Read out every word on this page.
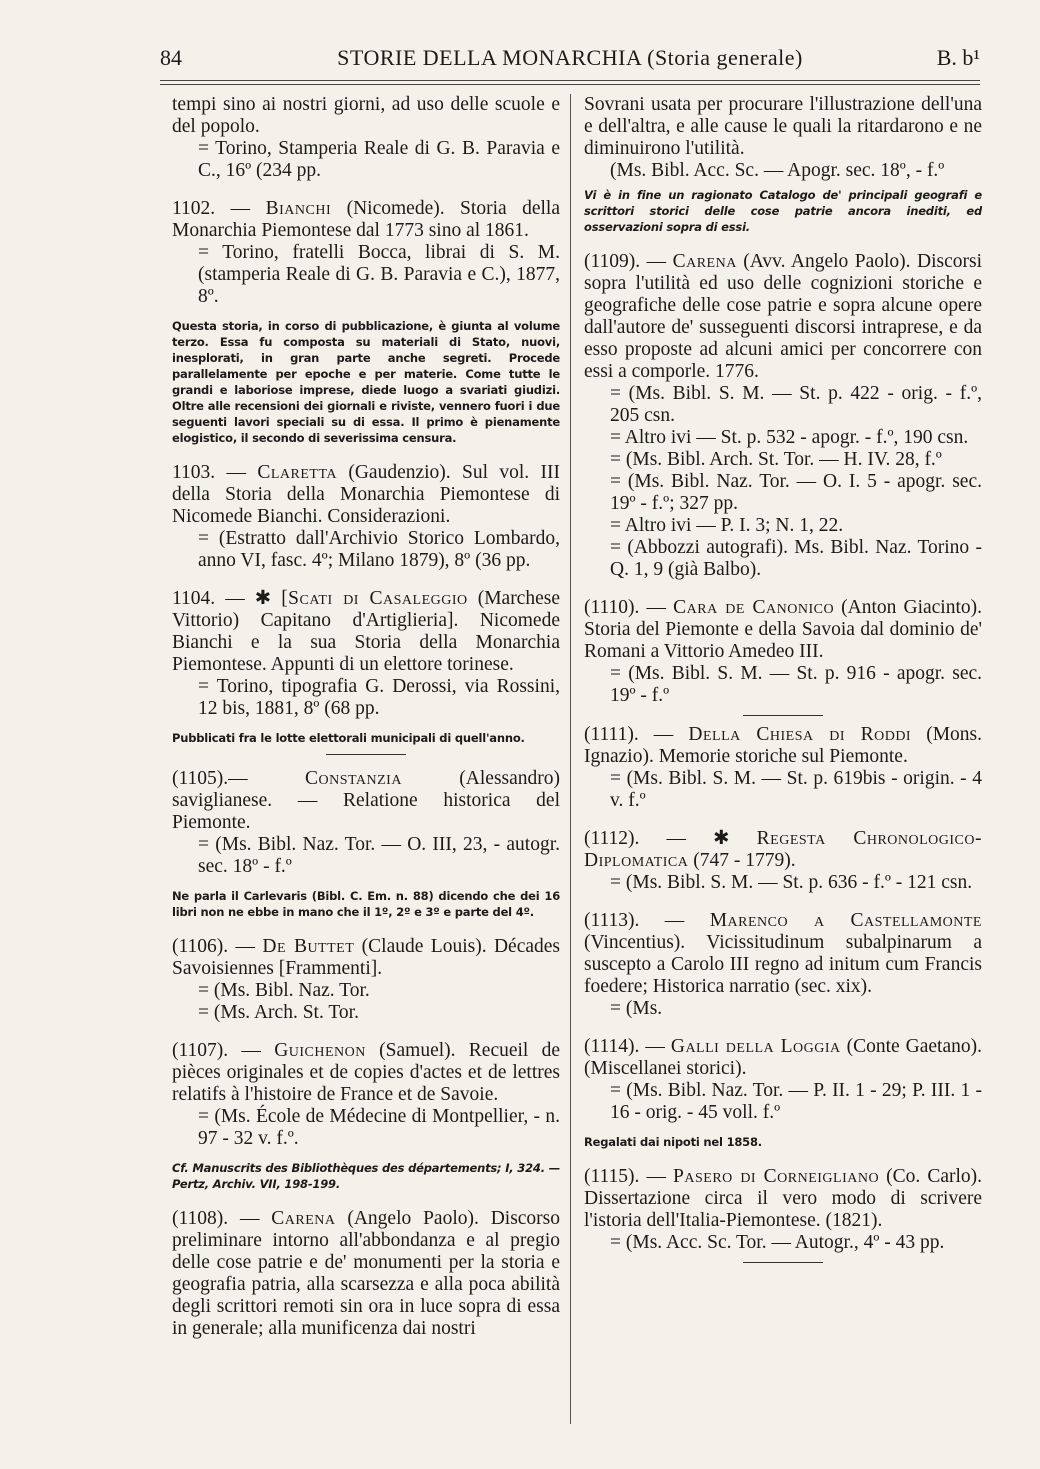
84	STORIE DELLA MONARCHIA (Storia generale)	B. b¹

tempi sino ai nostri giorni, ad uso delle scuole e del popolo.

= Torino, Stamperia Reale di G. B. Paravia e C., 16º (234 pp.

1102. — Bianchi (Nicomede). Storia della Monarchia Piemontese dal 1773 sino al 1861.

= Torino, fratelli Bocca, librai di S. M. (stamperia Reale di G. B. Paravia e C.), 1877, 8º.

Questa storia, in corso di pubblicazione, è giunta al volume terzo. Essa fu composta su materiali di Stato, nuovi, inesplorati, in gran parte anche segreti. Procede parallelamente per epoche e per materie. Come tutte le grandi e laboriose imprese, diede luogo a svariati giudizi. Oltre alle recensioni dei giornali e riviste, vennero fuori i due seguenti lavori speciali su di essa. Il primo è pienamente elogistico, il secondo di severissima censura.

1103. — Claretta (Gaudenzio). Sul vol. III della Storia della Monarchia Piemontese di Nicomede Bianchi. Considerazioni.

= (Estratto dall'Archivio Storico Lombardo, anno VI, fasc. 4º; Milano 1879), 8º (36 pp.

1104. — ✱ [Scati di Casaleggio (Marchese Vittorio) Capitano d'Artiglieria]. Nicomede Bianchi e la sua Storia della Monarchia Piemontese. Appunti di un elettore torinese.

= Torino, tipografia G. Derossi, via Rossini, 12 bis, 1881, 8º (68 pp.

Pubblicati fra le lotte elettorali municipali di quell'anno.

(1105).—	Constanzia	(Alessandro) saviglianese. — Relatione historica del Piemonte.

= (Ms. Bibl. Naz. Tor. — O. III, 23, - autogr. sec. 18º - f.º

Ne parla il Carlevaris (Bibl. C. Em. n. 88) dicendo che dei 16 libri non ne ebbe in mano che il 1º, 2º e 3º e parte del 4º.

(1106). — De Buttet (Claude Louis). Décades Savoisiennes [Frammenti].

= (Ms. Bibl. Naz. Tor.

= (Ms. Arch. St. Tor.

(1107). — Guichenon (Samuel). Recueil de pièces originales et de copies d'actes et de lettres relatifs à l'histoire de France et de Savoie.

= (Ms. École de Médecine di Montpellier, - n. 97 - 32 v. f.º.

Cf. Manuscrits des Bibliothèques des départements; I, 324. — Pertz, Archiv. VII, 198-199.

(1108). — Carena (Angelo Paolo). Discorso preliminare intorno all'abbondanza e al pregio delle cose patrie e de' monumenti per la storia e geografia patria, alla scarsezza e alla poca abilità degli scrittori remoti sin ora in luce sopra di essa in generale; alla munificenza dai nostri

Sovrani usata per procurare l'illustrazione dell'una e dell'altra, e alle cause le quali la ritardarono e ne diminuirono l'utilità.

(Ms. Bibl. Acc. Sc. — Apogr. sec. 18º, - f.º

Vi è in fine un ragionato Catalogo de' principali geografi e scrittori storici delle cose patrie ancora inediti, ed osservazioni sopra di essi.

(1109). — Carena (Avv. Angelo Paolo). Discorsi sopra l'utilità ed uso delle cognizioni storiche e geografiche delle cose patrie e sopra alcune opere dall'autore de' susseguenti discorsi intraprese, e da esso proposte ad alcuni amici per concorrere con essi a comporle. 1776.

= (Ms. Bibl. S. M. — St. p. 422 - orig. - f.º, 205 csn.

= Altro ivi — St. p. 532 - apogr. - f.º, 190 csn.

= (Ms. Bibl. Arch. St. Tor. — H. IV. 28, f.º

= (Ms. Bibl. Naz. Tor. — O. I. 5 - apogr. sec. 19º - f.º; 327 pp.

= Altro ivi — P. I. 3; N. 1, 22.

= (Abbozzi autografi). Ms. Bibl. Naz. Torino - Q. 1, 9 (già Balbo).

(1110). — Cara de Canonico (Anton Giacinto). Storia del Piemonte e della Savoia dal dominio de' Romani a Vittorio Amedeo III.

= (Ms. Bibl. S. M. — St. p. 916 - apogr. sec. 19º - f.º

(1111). — Della Chiesa di Roddi (Mons. Ignazio). Memorie storiche sul Piemonte.

= (Ms. Bibl. S. M. — St. p. 619bis - origin. - 4 v. f.º

(1112). — ✱ Regesta Chronologico-Diplomatica (747 - 1779).

= (Ms. Bibl. S. M. — St. p. 636 - f.º - 121 csn.

(1113). — Marenco a Castellamonte (Vincentius). Vicissitudinum subalpinarum a suscepto a Carolo III regno ad initum cum Francis foedere; Historica narratio (sec. xix).

= (Ms.

(1114). — Galli della Loggia (Conte Gaetano). (Miscellanei storici).

= (Ms. Bibl. Naz. Tor. — P. II. 1 - 29; P. III. 1 - 16 - orig. - 45 voll. f.º

Regalati dai nipoti nel 1858.

(1115). — Pasero di Corneigliano (Co. Carlo). Dissertazione circa il vero modo di scrivere l'istoria dell'Italia-Piemontese. (1821).

= (Ms. Acc. Sc. Tor. — Autogr., 4º - 43 pp.
